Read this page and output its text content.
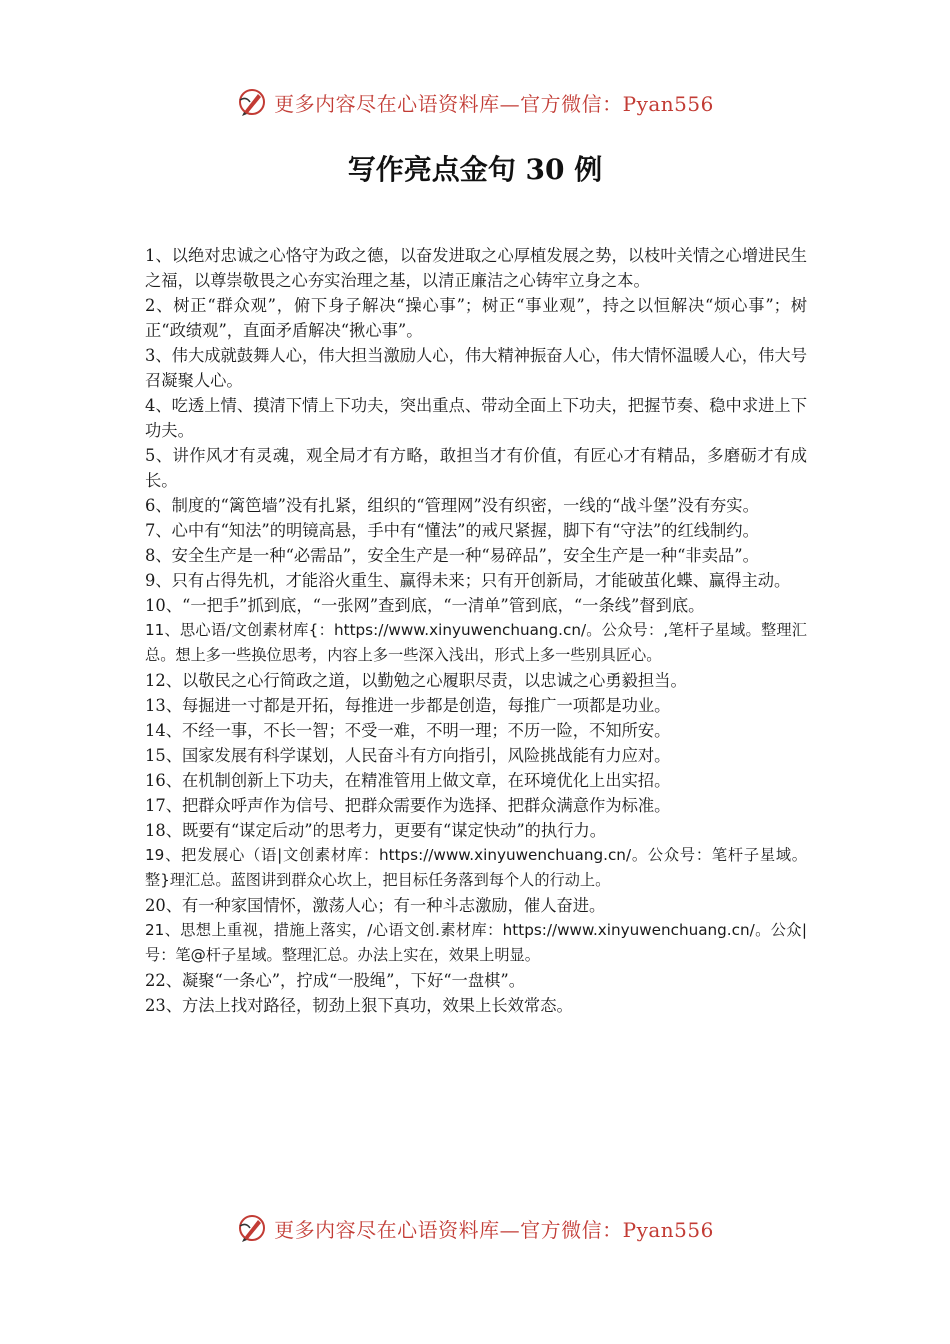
更多内容尽在心语资料库—官方微信：Pyan556
写作亮点金句 30 例

1、以绝对忠诚之心恪守为政之德，以奋发进取之心厚植发展之势，以枝叶关情之心增进民生之福，以尊崇敬畏之心夯实治理之基，以清正廉洁之心铸牢立身之本。

2、树正“群众观”，俯下身子解决“操心事”；树正“事业观”，持之以恒解决“烦心事”；树正“政绩观”，直面矛盾解决“揪心事”。

3、伟大成就鼓舞人心，伟大担当激励人心，伟大精神振奋人心，伟大情怀温暖人心，伟大号召凝聚人心。

4、吃透上情、摸清下情上下功夫，突出重点、带动全面上下功夫，把握节奏、稳中求进上下功夫。

5、讲作风才有灵魂，观全局才有方略，敢担当才有价值，有匠心才有精品，多磨砺才有成长。

6、制度的“篱笆墙”没有扎紧，组织的“管理网”没有织密，一线的“战斗堡”没有夯实。

7、心中有“知法”的明镜高悬，手中有“懂法”的戒尺紧握，脚下有“守法”的红线制约。

8、安全生产是一种“必需品”，安全生产是一种“易碎品”，安全生产是一种“非卖品”。

9、只有占得先机，才能浴火重生、赢得未来；只有开创新局，才能破茧化蝶、赢得主动。

10、“一把手”抓到底，“一张网”查到底，“一清单”管到底，“一条线”督到底。

11、思心语/文创素材库{：https://www.xinyuwenchuang.cn/。公众号：,笔杆子星域。整理汇总。想上多一些换位思考，内容上多一些深入浅出，形式上多一些别具匠心。

12、以敬民之心行简政之道，以勤勉之心履职尽责，以忠诚之心勇毅担当。

13、每掘进一寸都是开拓，每推进一步都是创造，每推广一项都是功业。

14、不经一事，不长一智；不受一难，不明一理；不历一险，不知所安。

15、国家发展有科学谋划，人民奋斗有方向指引，风险挑战能有力应对。

16、在机制创新上下功夫，在精准管用上做文章，在环境优化上出实招。

17、把群众呼声作为信号、把群众需要作为选择、把群众满意作为标准。

18、既要有“谋定后动”的思考力，更要有“谋定快动”的执行力。

19、把发展心（语|文创素材库：https://www.xinyuwenchuang.cn/。公众号：笔杆子星域。整}理汇总。蓝图讲到群众心坎上，把目标任务落到每个人的行动上。

20、有一种家国情怀，激荡人心；有一种斗志激励，催人奋进。

21、思想上重视，措施上落实，/心语文创.素材库：https://www.xinyuwenchuang.cn/。公众|号：笔@杆子星域。整理汇总。办法上实在，效果上明显。

22、凝聚“一条心”，拧成“一股绳”，下好“一盘棋”。

23、方法上找对路径，韧劲上狠下真功，效果上长效常态。

更多内容尽在心语资料库—官方微信：Pyan556
